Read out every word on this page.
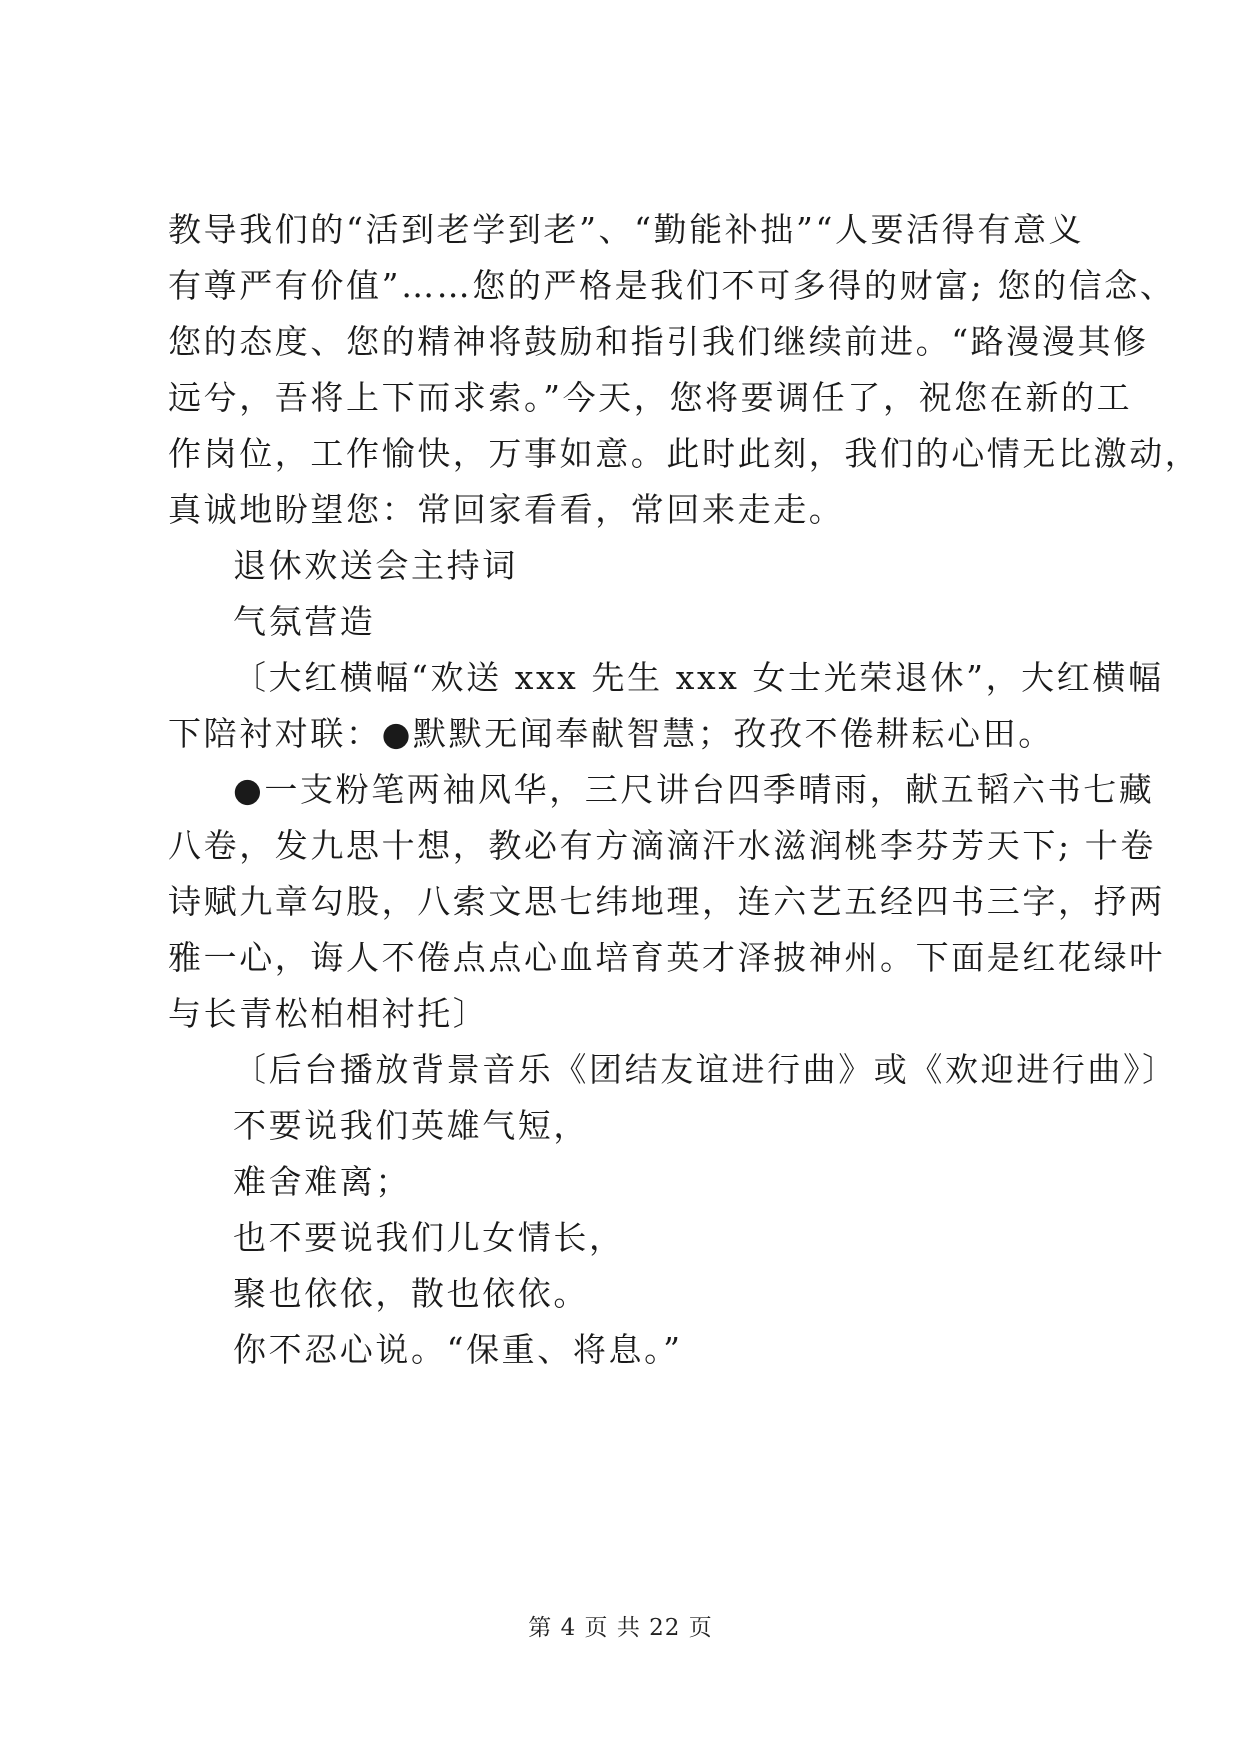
教导我们的“活到老学到老”、“勤能补拙”“人要活得有意义
有尊严有价值”……您的严格是我们不可多得的财富; 您的信念、
您的态度、您的精神将鼓励和指引我们继续前进。“路漫漫其修
远兮，吾将上下而求索。”今天，您将要调任了，祝您在新的工
作岗位，工作愉快，万事如意。此时此刻，我们的心情无比激动，
真诚地盼望您：常回家看看，常回来走走。
退休欢送会主持词
气氛营造
〔大红横幅“欢送 xxx 先生 xxx 女士光荣退休”，大红横幅
下陪衬对联：●默默无闻奉献智慧；孜孜不倦耕耘心田。
●一支粉笔两袖风华，三尺讲台四季晴雨，献五韬六书七藏
八卷，发九思十想，教必有方滴滴汗水滋润桃李芬芳天下; 十卷
诗赋九章勾股，八索文思七纬地理，连六艺五经四书三字，抒两
雅一心，诲人不倦点点心血培育英才泽披神州。下面是红花绿叶
与长青松柏相衬托〕
〔后台播放背景音乐《团结友谊进行曲》或《欢迎进行曲》〕
不要说我们英雄气短，
难舍难离；
也不要说我们儿女情长，
聚也依依，散也依依。
你不忍心说。“保重、将息。”
第 4 页 共 22 页
